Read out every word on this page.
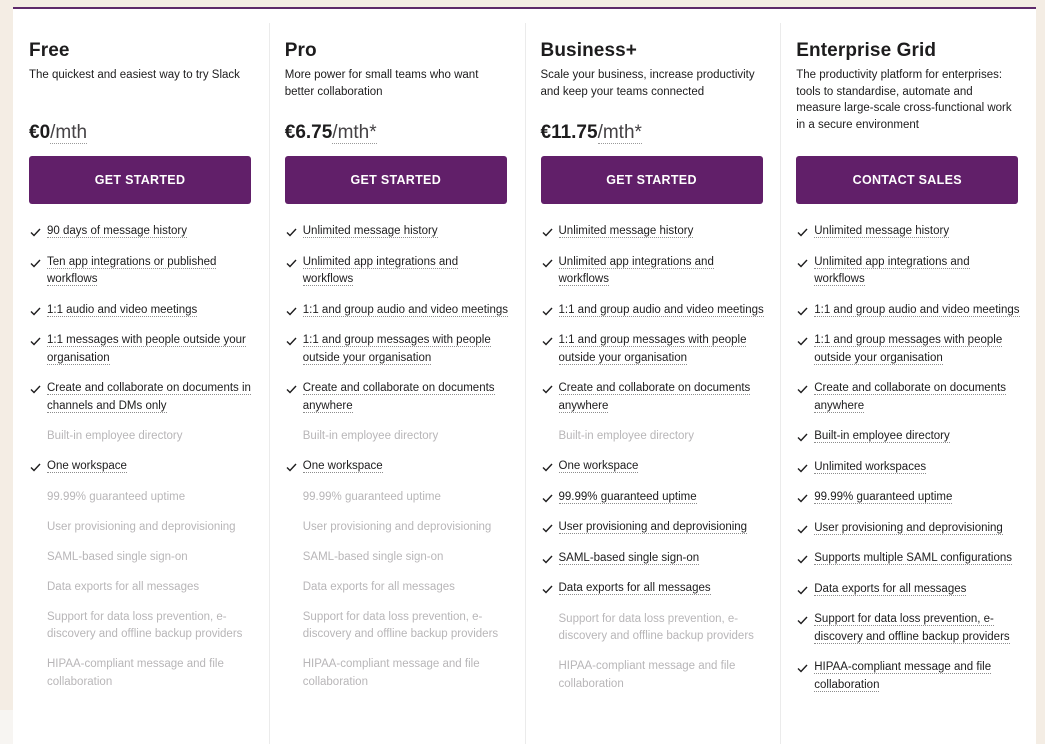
Free

The quickest and easiest way to try Slack

€0/mth
GET STARTED
90 days of message history
Ten app integrations or published workflows
1:1 audio and video meetings
1:1 messages with people outside your organisation
Create and collaborate on documents in channels and DMs only
Built-in employee directory
One workspace
99.99% guaranteed uptime
User provisioning and deprovisioning
SAML-based single sign-on
Data exports for all messages
Support for data loss prevention, e-discovery and offline backup providers
HIPAA-compliant message and file collaboration
Pro

More power for small teams who want better collaboration

€6.75/mth*
GET STARTED
Unlimited message history
Unlimited app integrations and workflows
1:1 and group audio and video meetings
1:1 and group messages with people outside your organisation
Create and collaborate on documents anywhere
Built-in employee directory
One workspace
99.99% guaranteed uptime
User provisioning and deprovisioning
SAML-based single sign-on
Data exports for all messages
Support for data loss prevention, e-discovery and offline backup providers
HIPAA-compliant message and file collaboration
Business+

Scale your business, increase productivity and keep your teams connected

€11.75/mth*
GET STARTED
Unlimited message history
Unlimited app integrations and workflows
1:1 and group audio and video meetings
1:1 and group messages with people outside your organisation
Create and collaborate on documents anywhere
Built-in employee directory
One workspace
99.99% guaranteed uptime
User provisioning and deprovisioning
SAML-based single sign-on
Data exports for all messages
Support for data loss prevention, e-discovery and offline backup providers
HIPAA-compliant message and file collaboration
Enterprise Grid

The productivity platform for enterprises: tools to standardise, automate and measure large-scale cross-functional work in a secure environment

CONTACT SALES
Unlimited message history
Unlimited app integrations and workflows
1:1 and group audio and video meetings
1:1 and group messages with people outside your organisation
Create and collaborate on documents anywhere
Built-in employee directory
Unlimited workspaces
99.99% guaranteed uptime
User provisioning and deprovisioning
Supports multiple SAML configurations
Data exports for all messages
Support for data loss prevention, e-discovery and offline backup providers
HIPAA-compliant message and file collaboration
